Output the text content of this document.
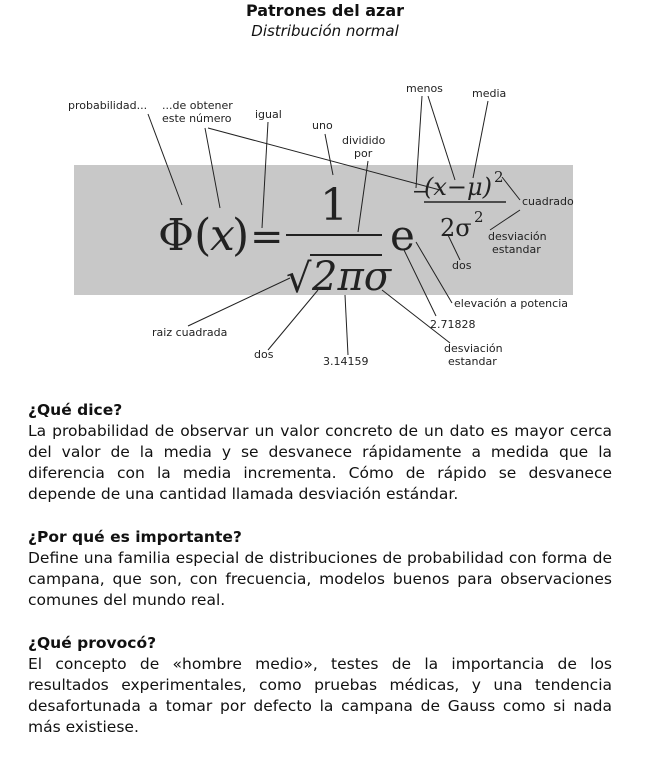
Patrones del azar
Distribución normal
Φ(
x
) =
1
√ 2πσ
e
−
(x−μ) 2
2σ 2
probabilidad... ...de obtener
este número igual
uno
dividido
por
menos	media
cuadrado
desviación
estandar
dos
elevación a potencia
2.71828
raiz cuadrada
dos
3.14159
desviación
estandar
¿Qué dice?

La probabilidad de observar un valor concreto de un dato es mayor cerca del valor de la media y se desvanece rápidamente a medida que la diferencia con la media incrementa. Cómo de rápido se desvanece depende de una cantidad llamada desviación estándar.

¿Por qué es importante?

Define una familia especial de distribuciones de probabilidad con forma de campana, que son, con frecuencia, modelos buenos para observaciones comunes del mundo real.

¿Qué provocó?

El concepto de «hombre medio», testes de la importancia de los resultados experimentales, como pruebas médicas, y una tendencia desafortunada a tomar por defecto la campana de Gauss como si nada más existiese.
